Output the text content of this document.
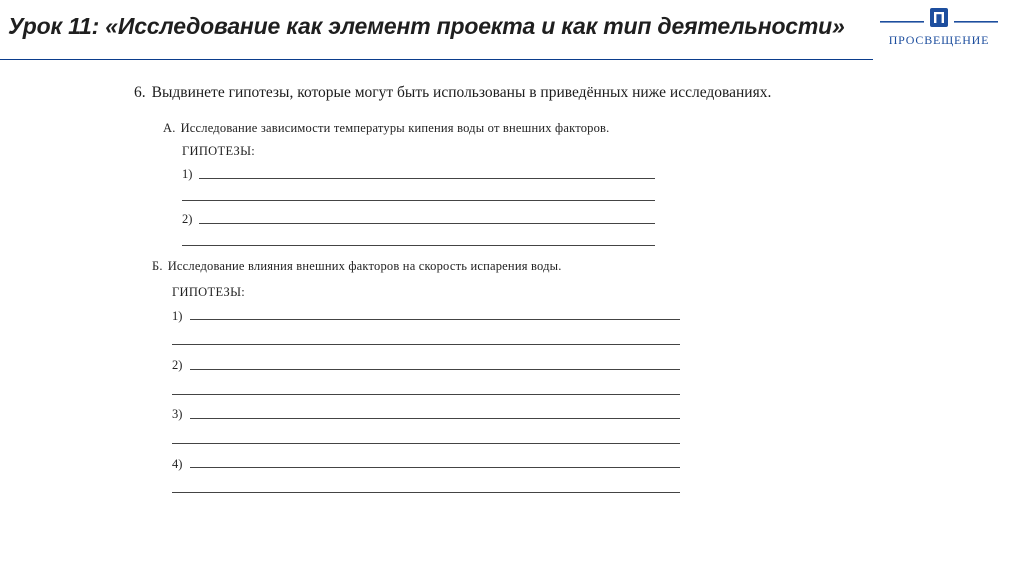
Урок 11: «Исследование как элемент проекта и как тип деятельности»
ПРОСВЕЩЕНИЕ

6. Выдвинете гипотезы, которые могут быть использованы в приведённых ниже исследованиях.

А. Исследование зависимости температуры кипения воды от внешних факторов.

ГИПОТЕЗЫ:

1)
2)

Б. Исследование влияния внешних факторов на скорость испарения воды.

ГИПОТЕЗЫ:

1)
2)
3)
4)
